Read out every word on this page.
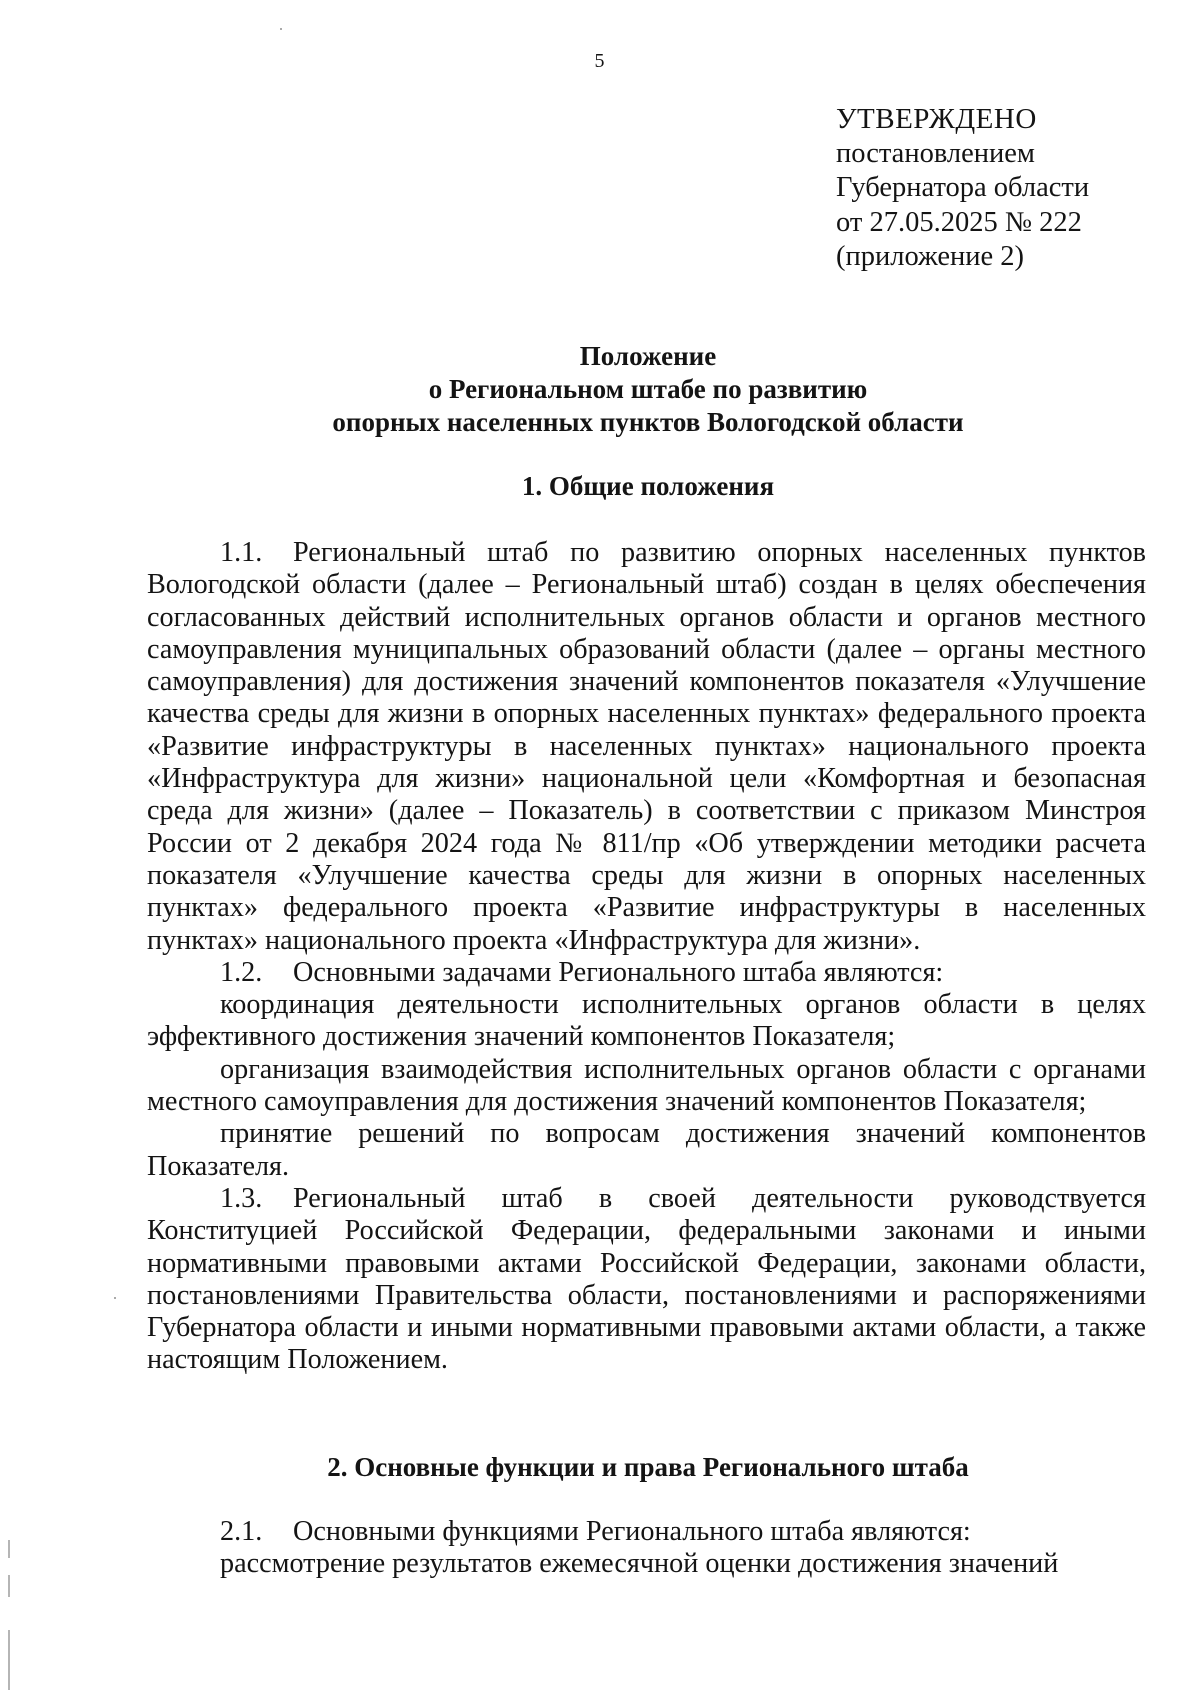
5
УТВЕРЖДЕНО
постановлением
Губернатора области
от 27.05.2025 № 222
(приложение 2)
Положение
о Региональном штабе по развитию
опорных населенных пунктов Вологодской области
1. Общие положения

1.1. Региональный штаб по развитию опорных населенных пунктов Вологодской области (далее – Региональный штаб) создан в целях обеспечения согласованных действий исполнительных органов области и органов местного самоуправления муниципальных образований области (далее – органы местного самоуправления) для достижения значений компонентов показателя «Улучшение качества среды для жизни в опорных населенных пунктах» федерального проекта «Развитие инфраструктуры в населенных пунктах» национального проекта «Инфраструктура для жизни» национальной цели «Комфортная и безопасная среда для жизни» (далее – Показатель) в соответствии с приказом Минстроя России от 2 декабря 2024 года № 811/пр «Об утверждении методики расчета показателя «Улучшение качества среды для жизни в опорных населенных пунктах» федерального проекта «Развитие инфраструктуры в населенных пунктах» национального проекта «Инфраструктура для жизни».

1.2. Основными задачами Регионального штаба являются:

координация деятельности исполнительных органов области в целях эффективного достижения значений компонентов Показателя;

организация взаимодействия исполнительных органов области с органами местного самоуправления для достижения значений компонентов Показателя;

принятие решений по вопросам достижения значений компонентов Показателя.

1.3. Региональный штаб в своей деятельности руководствуется Конституцией Российской Федерации, федеральными законами и иными нормативными правовыми актами Российской Федерации, законами области, постановлениями Правительства области, постановлениями и распоряжениями Губернатора области и иными нормативными правовыми актами области, а также настоящим Положением.

2. Основные функции и права Регионального штаба

2.1. Основными функциями Регионального штаба являются:

рассмотрение результатов ежемесячной оценки достижения значений
